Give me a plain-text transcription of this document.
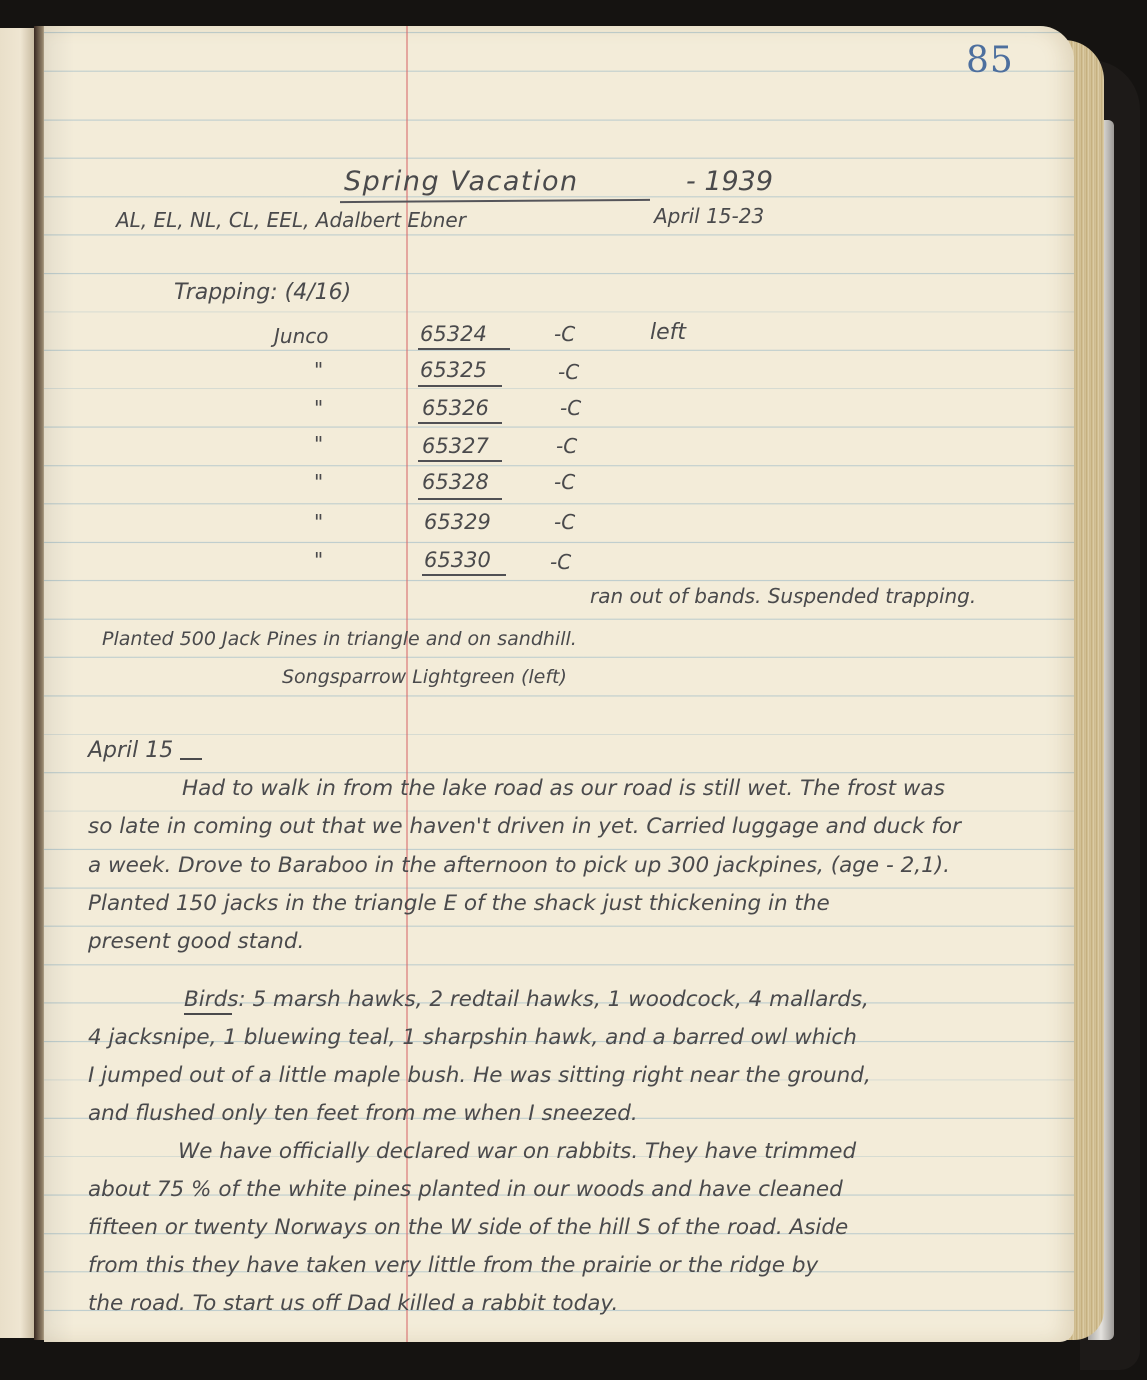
85
Spring Vacation	- 1939
AL, EL, NL, CL, EEL, Adalbert Ebner	April 15-23
Trapping: (4/16)
Junco	65324	-C	left
"	65325	-C
"	65326	-C
"	65327	-C
"	65328	-C
"	65329	-C
"	65330	-C
ran out of bands. Suspended trapping.
Planted 500 Jack Pines in triangle and on sandhill.
Songsparrow Lightgreen (left)
April 15
Had to walk in from the lake road as our road is still wet. The frost was
so late in coming out that we haven't driven in yet. Carried luggage and duck for
a week. Drove to Baraboo in the afternoon to pick up 300 jackpines, (age - 2,1).
Planted 150 jacks in the triangle E of the shack just thickening in the
present good stand.
Birds: 5 marsh hawks, 2 redtail hawks, 1 woodcock, 4 mallards,
4 jacksnipe, 1 bluewing teal, 1 sharpshin hawk, and a barred owl which
I jumped out of a little maple bush. He was sitting right near the ground,
and flushed only ten feet from me when I sneezed.
We have officially declared war on rabbits. They have trimmed
about 75 % of the white pines planted in our woods and have cleaned
fifteen or twenty Norways on the W side of the hill S of the road. Aside
from this they have taken very little from the prairie or the ridge by
the road. To start us off Dad killed a rabbit today.
